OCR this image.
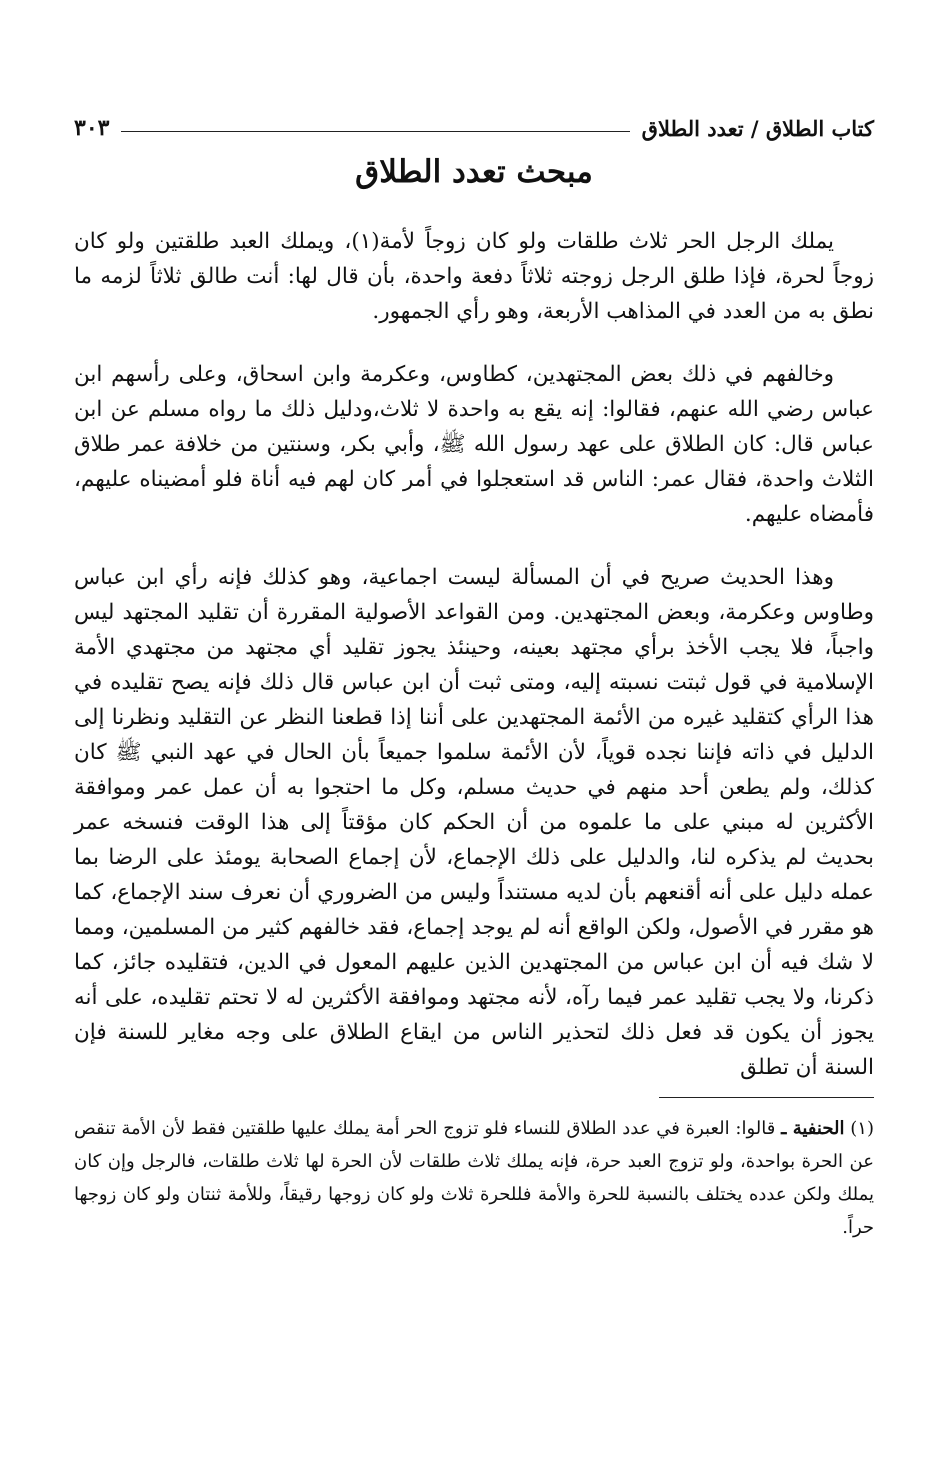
كتاب الطلاق / تعدد الطلاق
٣٠٣
مبحث تعدد الطلاق

يملك الرجل الحر ثلاث طلقات ولو كان زوجاً لأمة(١)، ويملك العبد طلقتين ولو كان زوجاً لحرة، فإذا طلق الرجل زوجته ثلاثاً دفعة واحدة، بأن قال لها: أنت طالق ثلاثاً لزمه ما نطق به من العدد في المذاهب الأربعة، وهو رأي الجمهور.

وخالفهم في ذلك بعض المجتهدين، كطاوس، وعكرمة وابن اسحاق، وعلى رأسهم ابن عباس رضي الله عنهم، فقالوا: إنه يقع به واحدة لا ثلاث،ودليل ذلك ما رواه مسلم عن ابن عباس قال: كان الطلاق على عهد رسول الله ﷺ، وأبي بكر، وسنتين من خلافة عمر طلاق الثلاث واحدة، فقال عمر: الناس قد استعجلوا في أمر كان لهم فيه أناة فلو أمضيناه عليهم، فأمضاه عليهم.

وهذا الحديث صريح في أن المسألة ليست اجماعية، وهو كذلك فإنه رأي ابن عباس وطاوس وعكرمة، وبعض المجتهدين. ومن القواعد الأصولية المقررة أن تقليد المجتهد ليس واجباً، فلا يجب الأخذ برأي مجتهد بعينه، وحينئذ يجوز تقليد أي مجتهد من مجتهدي الأمة الإسلامية في قول ثبتت نسبته إليه، ومتى ثبت أن ابن عباس قال ذلك فإنه يصح تقليده في هذا الرأي كتقليد غيره من الأئمة المجتهدين على أننا إذا قطعنا النظر عن التقليد ونظرنا إلى الدليل في ذاته فإننا نجده قوياً، لأن الأئمة سلموا جميعاً بأن الحال في عهد النبي ﷺ كان كذلك، ولم يطعن أحد منهم في حديث مسلم، وكل ما احتجوا به أن عمل عمر وموافقة الأكثرين له مبني على ما علموه من أن الحكم كان مؤقتاً إلى هذا الوقت فنسخه عمر بحديث لم يذكره لنا، والدليل على ذلك الإجماع، لأن إجماع الصحابة يومئذ على الرضا بما عمله دليل على أنه أقنعهم بأن لديه مستنداً وليس من الضروري أن نعرف سند الإجماع، كما هو مقرر في الأصول، ولكن الواقع أنه لم يوجد إجماع، فقد خالفهم كثير من المسلمين، ومما لا شك فيه أن ابن عباس من المجتهدين الذين عليهم المعول في الدين، فتقليده جائز، كما ذكرنا، ولا يجب تقليد عمر فيما رآه، لأنه مجتهد وموافقة الأكثرين له لا تحتم تقليده، على أنه يجوز أن يكون قد فعل ذلك لتحذير الناس من ايقاع الطلاق على وجه مغاير للسنة فإن السنة أن تطلق

(١) الحنفية ـ قالوا: العبرة في عدد الطلاق للنساء فلو تزوج الحر أمة يملك عليها طلقتين فقط لأن الأمة تنقص عن الحرة بواحدة، ولو تزوج العبد حرة، فإنه يملك ثلاث طلقات لأن الحرة لها ثلاث طلقات، فالرجل وإن كان يملك ولكن عدده يختلف بالنسبة للحرة والأمة فللحرة ثلاث ولو كان زوجها رقيقاً، وللأمة ثنتان ولو كان زوجها حراً.
